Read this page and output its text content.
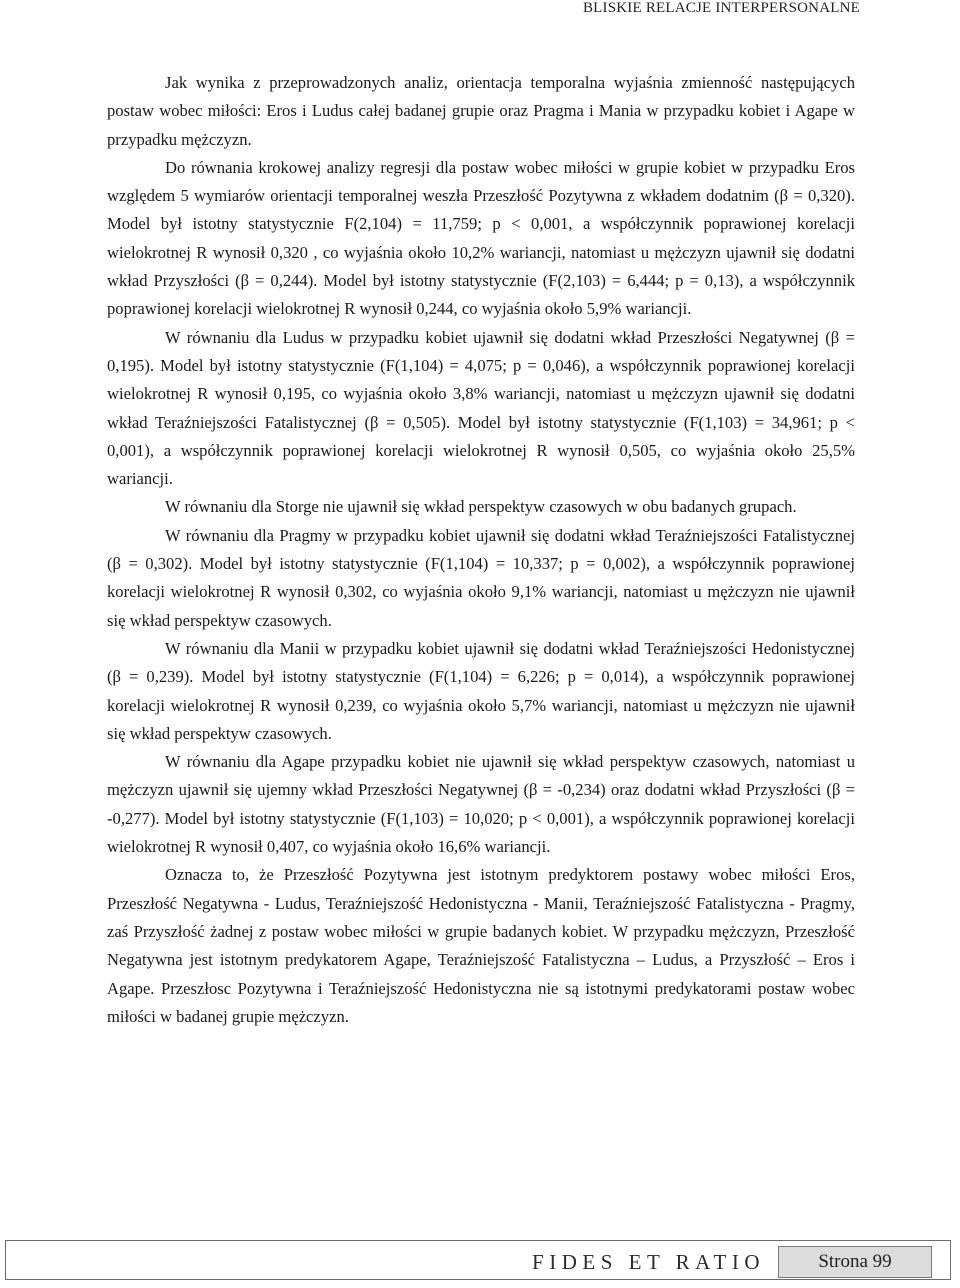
BLISKIE RELACJE INTERPERSONALNE

Jak wynika z przeprowadzonych analiz, orientacja temporalna wyjaśnia zmienność następujących postaw wobec miłości: Eros i Ludus całej badanej grupie oraz Pragma i Mania w przypadku kobiet i Agape w przypadku mężczyzn.

Do równania krokowej analizy regresji dla postaw wobec miłości w grupie kobiet w przypadku Eros względem 5 wymiarów orientacji temporalnej weszła Przeszłość Pozytywna z wkładem dodatnim (β = 0,320). Model był istotny statystycznie F(2,104) = 11,759; p < 0,001, a współczynnik poprawionej korelacji wielokrotnej R wynosił 0,320 , co wyjaśnia około 10,2% wariancji, natomiast u mężczyzn ujawnił się dodatni wkład Przyszłości (β = 0,244). Model był istotny statystycznie (F(2,103) = 6,444; p = 0,13), a współczynnik poprawionej korelacji wielokrotnej R wynosił 0,244, co wyjaśnia około 5,9% wariancji.

W równaniu dla Ludus w przypadku kobiet ujawnił się dodatni wkład Przeszłości Negatywnej (β = 0,195). Model był istotny statystycznie (F(1,104) = 4,075; p = 0,046), a współczynnik poprawionej korelacji wielokrotnej R wynosił 0,195, co wyjaśnia około 3,8% wariancji, natomiast u mężczyzn ujawnił się dodatni wkład Teraźniejszości Fatalistycznej (β = 0,505). Model był istotny statystycznie (F(1,103) = 34,961; p < 0,001), a współczynnik poprawionej korelacji wielokrotnej R wynosił 0,505, co wyjaśnia około 25,5% wariancji.

W równaniu dla Storge nie ujawnił się wkład perspektyw czasowych w obu badanych grupach.

W równaniu dla Pragmy w przypadku kobiet ujawnił się dodatni wkład Teraźniejszości Fatalistycznej (β = 0,302). Model był istotny statystycznie (F(1,104) = 10,337; p = 0,002), a współczynnik poprawionej korelacji wielokrotnej R wynosił 0,302, co wyjaśnia około 9,1% wariancji, natomiast u mężczyzn nie ujawnił się wkład perspektyw czasowych.

W równaniu dla Manii w przypadku kobiet ujawnił się dodatni wkład Teraźniejszości Hedonistycznej (β = 0,239). Model był istotny statystycznie (F(1,104) = 6,226; p = 0,014), a współczynnik poprawionej korelacji wielokrotnej R wynosił 0,239, co wyjaśnia około 5,7% wariancji, natomiast u mężczyzn nie ujawnił się wkład perspektyw czasowych.

W równaniu dla Agape przypadku kobiet nie ujawnił się wkład perspektyw czasowych, natomiast u mężczyzn ujawnił się ujemny wkład Przeszłości Negatywnej (β = -0,234) oraz dodatni wkład Przyszłości (β = -0,277). Model był istotny statystycznie (F(1,103) = 10,020; p < 0,001), a współczynnik poprawionej korelacji wielokrotnej R wynosił 0,407, co wyjaśnia około 16,6% wariancji.

Oznacza to, że Przeszłość Pozytywna jest istotnym predyktorem postawy wobec miłości Eros, Przeszłość Negatywna - Ludus, Teraźniejszość Hedonistyczna - Manii, Teraźniejszość Fatalistyczna - Pragmy, zaś Przyszłość żadnej z postaw wobec miłości w grupie badanych kobiet. W przypadku mężczyzn, Przeszłość Negatywna jest istotnym predykatorem Agape, Teraźniejszość Fatalistyczna – Ludus, a Przyszłość – Eros i Agape. Przeszłosc Pozytywna i Teraźniejszość Hedonistyczna nie są istotnymi predykatorami postaw wobec miłości w badanej grupie mężczyzn.

FIDES ET RATIO	Strona 99
